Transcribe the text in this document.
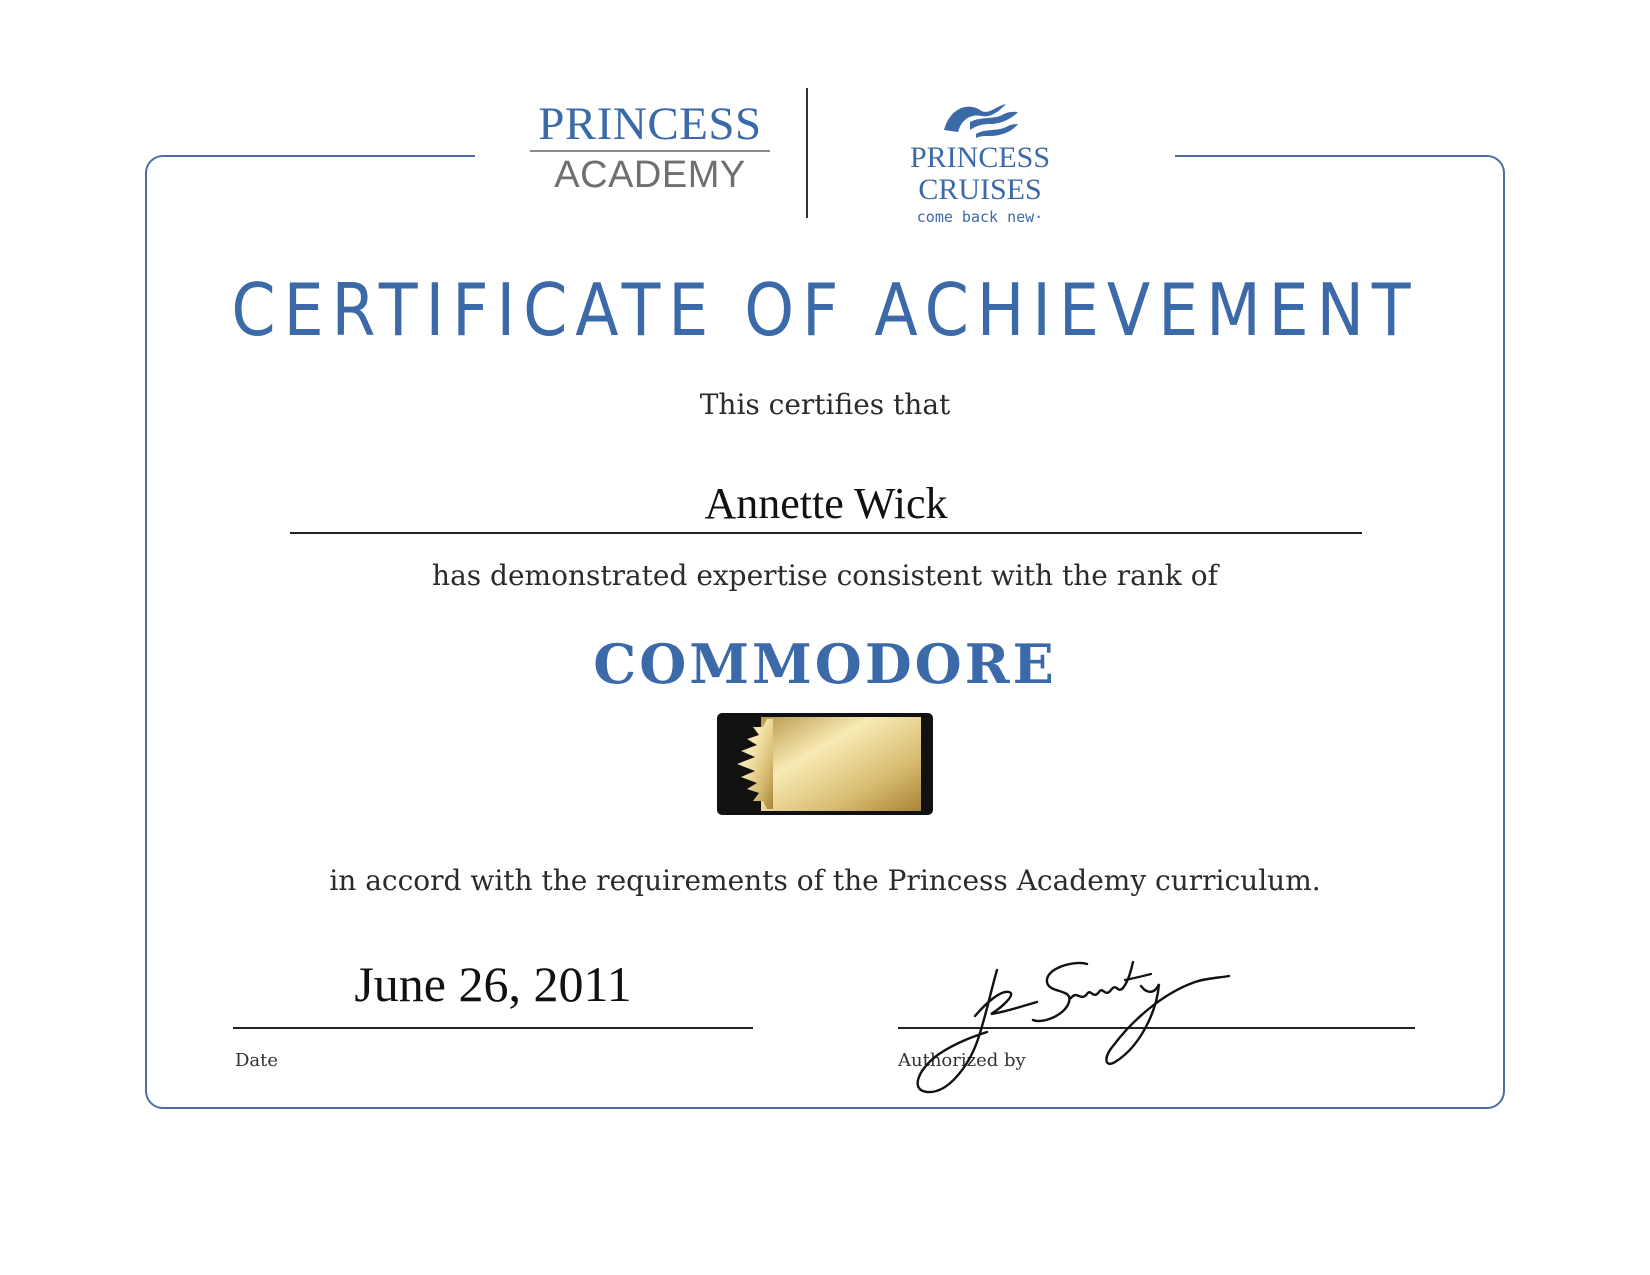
PRINCESS
ACADEMY	PRINCESS CRUISES
come back new·
CERTIFICATE OF ACHIEVEMENT
This certifies that
Annette Wick
has demonstrated expertise consistent with the rank of
COMMODORE
in accord with the requirements of the Princess Academy curriculum.
June 26, 2011
Date	Authorized by
